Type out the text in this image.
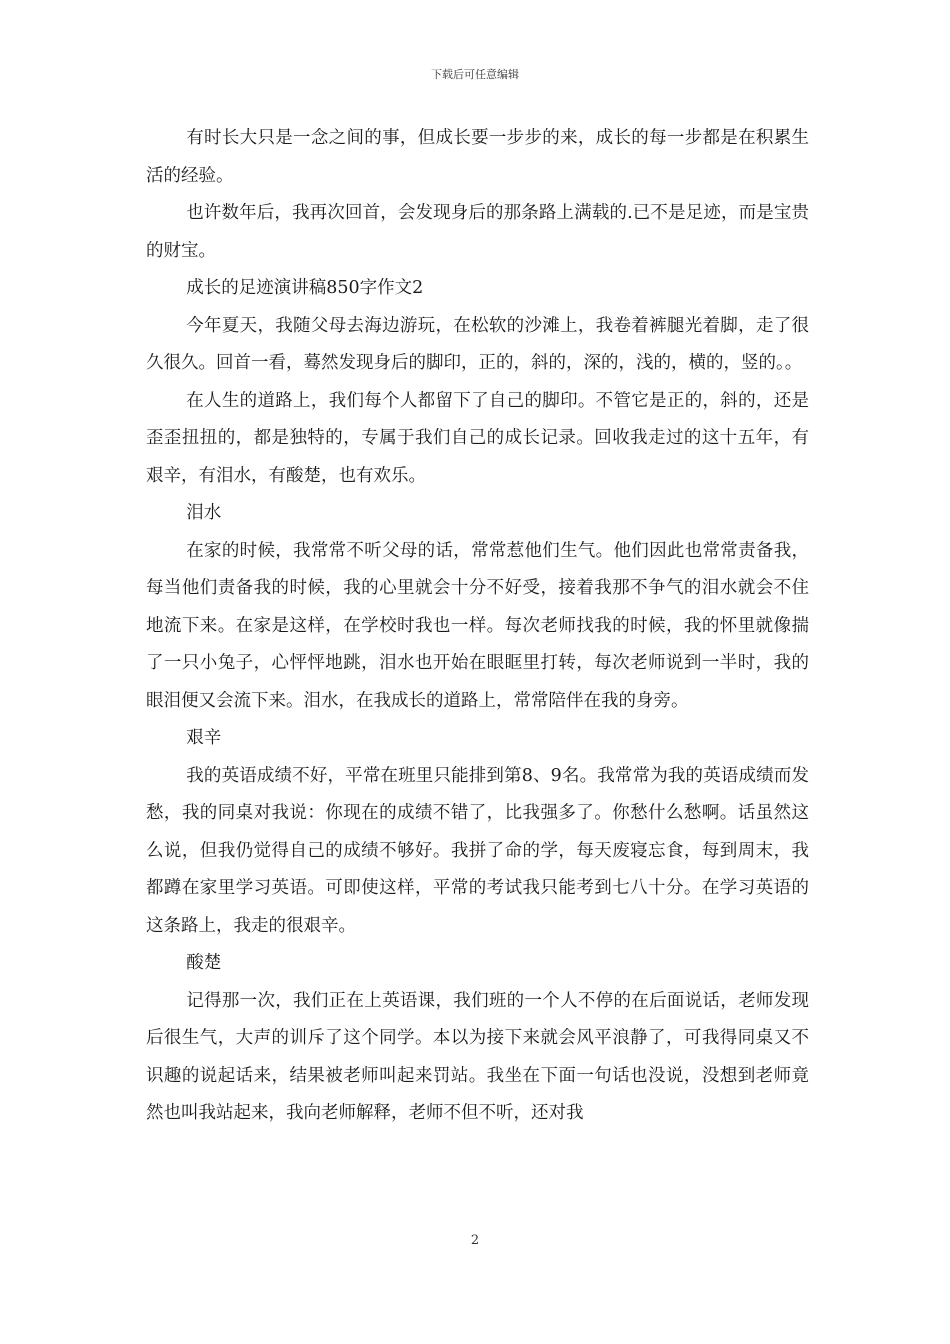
下载后可任意编辑

有时长大只是一念之间的事，但成长要一步步的来，成长的每一步都是在积累生活的经验。

也许数年后，我再次回首，会发现身后的那条路上满载的.已不是足迹，而是宝贵的财宝。

成长的足迹演讲稿850字作文2

今年夏天，我随父母去海边游玩，在松软的沙滩上，我卷着裤腿光着脚，走了很久很久。回首一看，蓦然发现身后的脚印，正的，斜的，深的，浅的，横的，竖的。。

在人生的道路上，我们每个人都留下了自己的脚印。不管它是正的，斜的，还是歪歪扭扭的，都是独特的，专属于我们自己的成长记录。回收我走过的这十五年，有艰辛，有泪水，有酸楚，也有欢乐。

泪水

在家的时候，我常常不听父母的话，常常惹他们生气。他们因此也常常责备我，每当他们责备我的时候，我的心里就会十分不好受，接着我那不争气的泪水就会不住地流下来。在家是这样，在学校时我也一样。每次老师找我的时候，我的怀里就像揣了一只小兔子，心怦怦地跳，泪水也开始在眼眶里打转，每次老师说到一半时，我的眼泪便又会流下来。泪水，在我成长的道路上，常常陪伴在我的身旁。

艰辛

我的英语成绩不好，平常在班里只能排到第8、9名。我常常为我的英语成绩而发愁，我的同桌对我说：你现在的成绩不错了，比我强多了。你愁什么愁啊。话虽然这么说，但我仍觉得自己的成绩不够好。我拼了命的学，每天废寝忘食，每到周末，我都蹲在家里学习英语。可即使这样，平常的考试我只能考到七八十分。在学习英语的这条路上，我走的很艰辛。

酸楚

记得那一次，我们正在上英语课，我们班的一个人不停的在后面说话，老师发现后很生气，大声的训斥了这个同学。本以为接下来就会风平浪静了，可我得同桌又不识趣的说起话来，结果被老师叫起来罚站。我坐在下面一句话也没说，没想到老师竟然也叫我站起来，我向老师解释，老师不但不听，还对我

2
